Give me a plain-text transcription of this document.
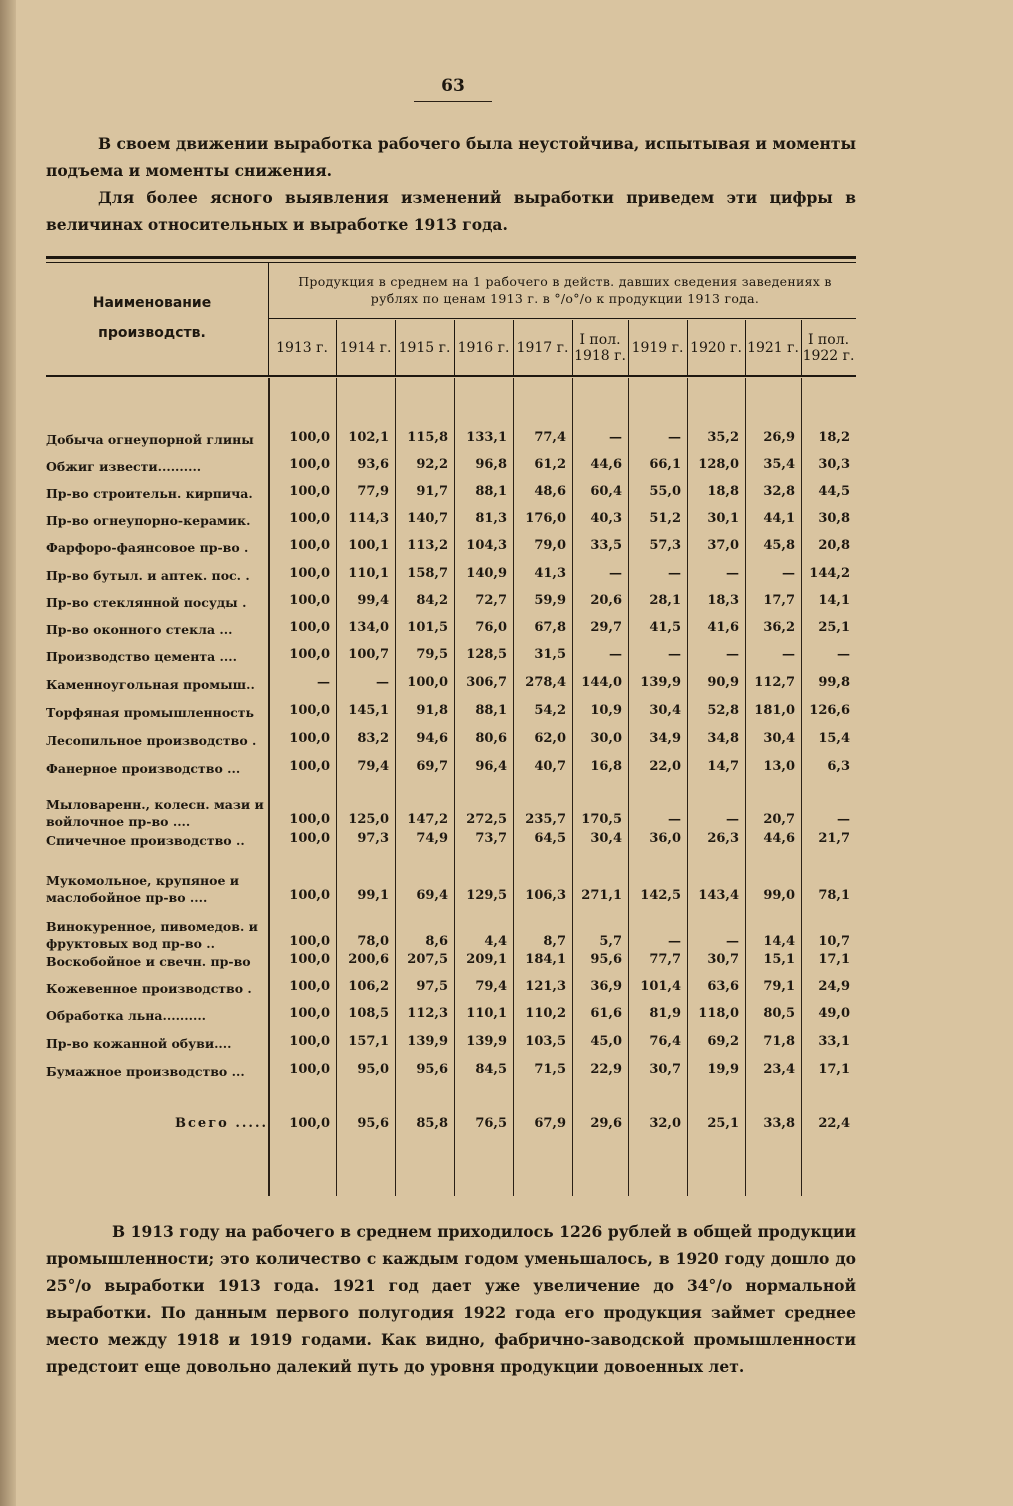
63
В своем движении выработка рабочего была неустойчива, испытывая и моменты подъема и моменты снижения.
Для более ясного выявления изменений выработки приведем эти цифры в величинах относительных и выработке 1913 года.
Наименование производств.
Продукция в среднем на 1 рабочего в действ. давших сведения заведениях в рублях по ценам 1913 г. в °/о°/о к продукции 1913 года.
1913 г. 1914 г. 1915 г. 1916 г. 1917 г. I пол. 1918 г. 1919 г. 1920 г. 1921 г. I пол. 1922 г.
Добыча огнеупорной глины	100,0	102,1	115,8	133,1	77,4	—	—	35,2	26,9	18,2
Обжиг извести..........	100,0	93,6	92,2	96,8	61,2	44,6	66,1	128,0	35,4	30,3
Пр-во строительн. кирпича.	100,0	77,9	91,7	88,1	48,6	60,4	55,0	18,8	32,8	44,5
Пр-во огнеупорно-керамик.	100,0	114,3	140,7	81,3	176,0	40,3	51,2	30,1	44,1	30,8
Фарфоро-фаянсовое пр-во .	100,0	100,1	113,2	104,3	79,0	33,5	57,3	37,0	45,8	20,8
Пр-во бутыл. и аптек. пос. .	100,0	110,1	158,7	140,9	41,3	—	—	—	—	144,2
Пр-во стеклянной посуды .	100,0	99,4	84,2	72,7	59,9	20,6	28,1	18,3	17,7	14,1
Пр-во оконного стекла ...	100,0	134,0	101,5	76,0	67,8	29,7	41,5	41,6	36,2	25,1
Производство цемента ....	100,0	100,7	79,5	128,5	31,5	—	—	—	—	—
Каменноугольная промыш..	—	—	100,0	306,7	278,4	144,0	139,9	90,9	112,7	99,8
Торфяная промышленность	100,0	145,1	91,8	88,1	54,2	10,9	30,4	52,8	181,0	126,6
Лесопильное производство .	100,0	83,2	94,6	80,6	62,0	30,0	34,9	34,8	30,4	15,4
Фанерное производство ...	100,0	79,4	69,7	96,4	40,7	16,8	22,0	14,7	13,0	6,3
Мыловаренн., колесн. мази и войлочное пр-во ....	100,0	125,0	147,2	272,5	235,7	170,5	—	—	20,7	—
Спичечное производство ..	100,0	97,3	74,9	73,7	64,5	30,4	36,0	26,3	44,6	21,7
Мукомольное, крупяное и маслобойное пр-во ....	100,0	99,1	69,4	129,5	106,3	271,1	142,5	143,4	99,0	78,1
Винокуренное, пивомедов. и фруктовых вод пр-во ..	100,0	78,0	8,6	4,4	8,7	5,7	—	—	14,4	10,7
Воскобойное и свечн. пр-во	100,0	200,6	207,5	209,1	184,1	95,6	77,7	30,7	15,1	17,1
Кожевенное производство .	100,0	106,2	97,5	79,4	121,3	36,9	101,4	63,6	79,1	24,9
Обработка льна..........	100,0	108,5	112,3	110,1	110,2	61,6	81,9	118,0	80,5	49,0
Пр-во кожанной обуви....	100,0	157,1	139,9	139,9	103,5	45,0	76,4	69,2	71,8	33,1
Бумажное производство ...	100,0	95,0	95,6	84,5	71,5	22,9	30,7	19,9	23,4	17,1
Всего .....	100,0	95,6	85,8	76,5	67,9	29,6	32,0	25,1	33,8	22,4
В 1913 году на рабочего в среднем приходилось 1226 рублей в общей продукции промышленности; это количество с каждым годом уменьшалось, в 1920 году дошло до 25°/о выработки 1913 года. 1921 год дает уже увеличение до 34°/о нормальной выработки. По данным первого полугодия 1922 года его продукция займет среднее место между 1918 и 1919 годами. Как видно, фабрично-заводской промышленности предстоит еще довольно далекий путь до уровня продукции довоенных лет.
